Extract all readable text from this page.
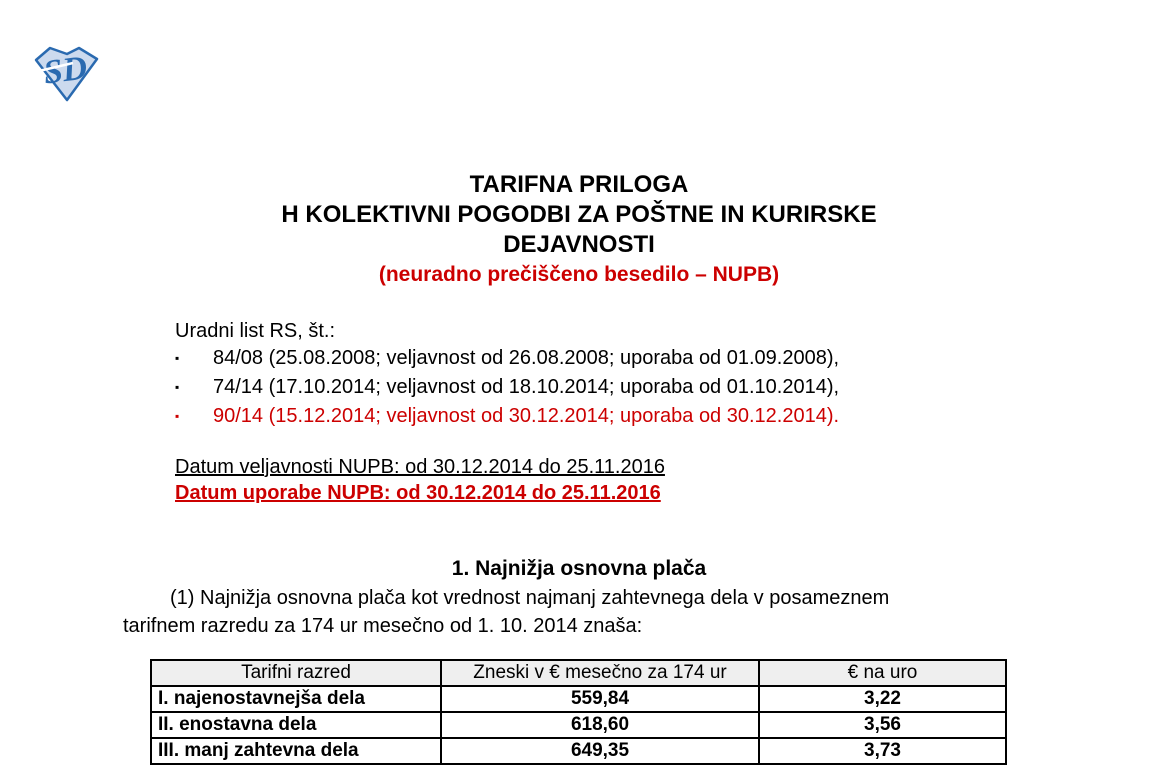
SD
TARIFNA PRILOGA
H KOLEKTIVNI POGODBI ZA POŠTNE IN KURIRSKE
DEJAVNOSTI
(neuradno prečiščeno besedilo – NUPB)
Uradni list RS, št.:
▪	84/08 (25.08.2008; veljavnost od 26.08.2008; uporaba od 01.09.2008),
▪	74/14 (17.10.2014; veljavnost od 18.10.2014; uporaba od 01.10.2014),
▪	90/14 (15.12.2014; veljavnost od 30.12.2014; uporaba od 30.12.2014).
Datum veljavnosti NUPB: od 30.12.2014 do 25.11.2016
Datum uporabe NUPB: od 30.12.2014 do 25.11.2016
1. Najnižja osnovna plača
(1) Najnižja osnovna plača kot vrednost najmanj zahtevnega dela v posameznem
tarifnem razredu za 174 ur mesečno od 1. 10. 2014 znaša:
Tarifni razred	Zneski v € mesečno za 174 ur	€ na uro
I. najenostavnejša dela	559,84	3,22
II. enostavna dela	618,60	3,56
III. manj zahtevna dela	649,35	3,73
